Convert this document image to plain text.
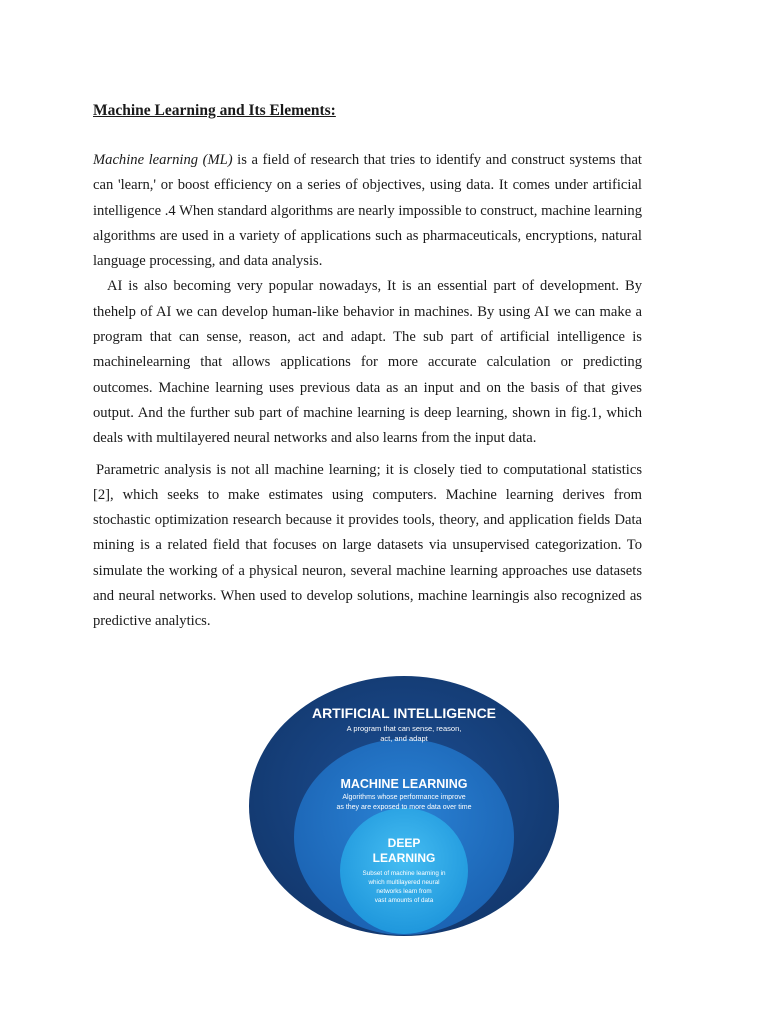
Machine Learning and Its Elements:

Machine learning (ML) is a field of research that tries to identify and construct systems that can 'learn,' or boost efficiency on a series of objectives, using data. It comes under artificial intelligence .4 When standard algorithms are nearly impossible to construct, machine learning algorithms are used in a variety of applications such as pharmaceuticals, encryptions, natural language processing, and data analysis.

AI is also becoming very popular nowadays, It is an essential part of development. By thehelp of AI we can develop human-like behavior in machines. By using AI we can make a program that can sense, reason, act and adapt. The sub part of artificial intelligence is machinelearning that allows applications for more accurate calculation or predicting outcomes. Machine learning uses previous data as an input and on the basis of that gives output. And the further sub part of machine learning is deep learning, shown in fig.1, which deals with multilayered neural networks and also learns from the input data.

Parametric analysis is not all machine learning; it is closely tied to computational statistics [2], which seeks to make estimates using computers. Machine learning derives from stochastic optimization research because it provides tools, theory, and application fields Data mining is a related field that focuses on large datasets via unsupervised categorization. To simulate the working of a physical neuron, several machine learning approaches use datasets and neural networks. When used to develop solutions, machine learningis also recognized as predictive analytics.

ARTIFICIAL INTELLIGENCE
A program that can sense, reason,
act, and adapt
MACHINE LEARNING
Algorithms whose performance improve
as they are exposed to more data over time
DEEP
LEARNING
Subset of machine learning in
which multilayered neural
networks learn from
vast amounts of data
